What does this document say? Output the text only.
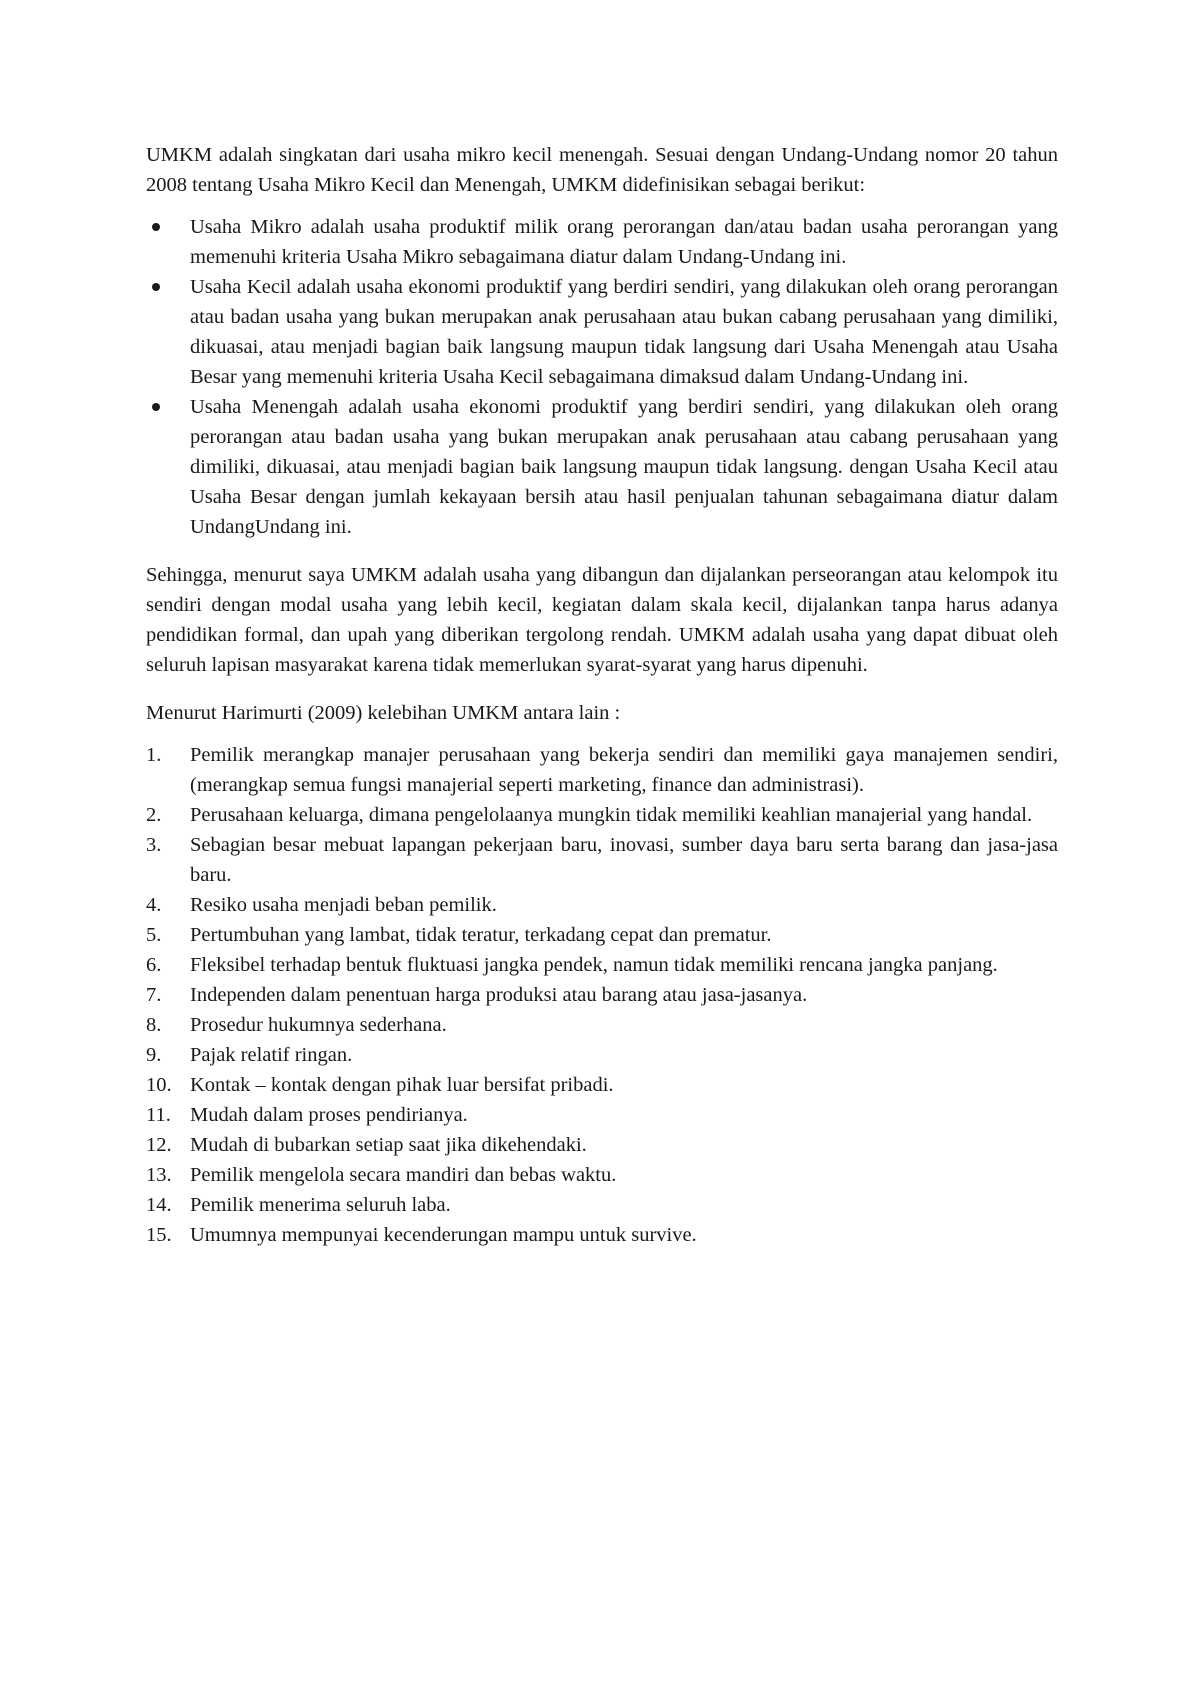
UMKM adalah singkatan dari usaha mikro kecil menengah. Sesuai dengan Undang-Undang nomor 20 tahun 2008 tentang Usaha Mikro Kecil dan Menengah, UMKM didefinisikan sebagai berikut:

Usaha Mikro adalah usaha produktif milik orang perorangan dan/atau badan usaha perorangan yang memenuhi kriteria Usaha Mikro sebagaimana diatur dalam Undang-Undang ini.
Usaha Kecil adalah usaha ekonomi produktif yang berdiri sendiri, yang dilakukan oleh orang perorangan atau badan usaha yang bukan merupakan anak perusahaan atau bukan cabang perusahaan yang dimiliki, dikuasai, atau menjadi bagian baik langsung maupun tidak langsung dari Usaha Menengah atau Usaha Besar yang memenuhi kriteria Usaha Kecil sebagaimana dimaksud dalam Undang-Undang ini.
Usaha Menengah adalah usaha ekonomi produktif yang berdiri sendiri, yang dilakukan oleh orang perorangan atau badan usaha yang bukan merupakan anak perusahaan atau cabang perusahaan yang dimiliki, dikuasai, atau menjadi bagian baik langsung maupun tidak langsung. dengan Usaha Kecil atau Usaha Besar dengan jumlah kekayaan bersih atau hasil penjualan tahunan sebagaimana diatur dalam UndangUndang ini.

Sehingga, menurut saya UMKM adalah usaha yang dibangun dan dijalankan perseorangan atau kelompok itu sendiri dengan modal usaha yang lebih kecil, kegiatan dalam skala kecil, dijalankan tanpa harus adanya pendidikan formal, dan upah yang diberikan tergolong rendah. UMKM adalah usaha yang dapat dibuat oleh seluruh lapisan masyarakat karena tidak memerlukan syarat-syarat yang harus dipenuhi.

Menurut Harimurti (2009) kelebihan UMKM antara lain :

1.	Pemilik merangkap manajer perusahaan yang bekerja sendiri dan memiliki gaya manajemen sendiri, (merangkap semua fungsi manajerial seperti marketing, finance dan administrasi).
2.	Perusahaan keluarga, dimana pengelolaanya mungkin tidak memiliki keahlian manajerial yang handal.
3.	Sebagian besar mebuat lapangan pekerjaan baru, inovasi, sumber daya baru serta barang dan jasa-jasa baru.
4.	Resiko usaha menjadi beban pemilik.
5.	Pertumbuhan yang lambat, tidak teratur, terkadang cepat dan prematur.
6.	Fleksibel terhadap bentuk fluktuasi jangka pendek, namun tidak memiliki rencana jangka panjang.
7.	Independen dalam penentuan harga produksi atau barang atau jasa-jasanya.
8.	Prosedur hukumnya sederhana.
9.	Pajak relatif ringan.
10. Kontak – kontak dengan pihak luar bersifat pribadi.
11. Mudah dalam proses pendirianya.
12. Mudah di bubarkan setiap saat jika dikehendaki.
13. Pemilik mengelola secara mandiri dan bebas waktu.
14. Pemilik menerima seluruh laba.
15. Umumnya mempunyai kecenderungan mampu untuk survive.
